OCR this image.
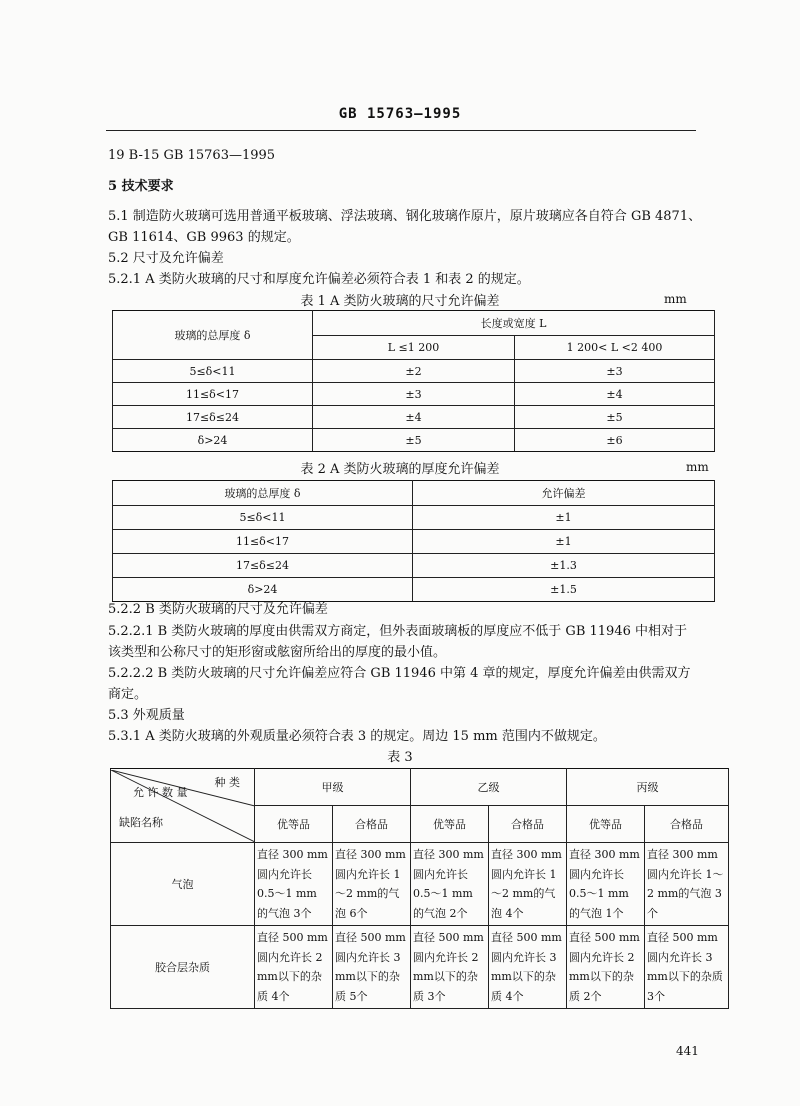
GB 15763—1995
19 B-15 GB 15763—1995
5 技术要求
5.1 制造防火玻璃可选用普通平板玻璃、浮法玻璃、钢化玻璃作原片，原片玻璃应各自符合 GB 4871、
GB 11614、GB 9963 的规定。
5.2 尺寸及允许偏差
5.2.1 A 类防火玻璃的尺寸和厚度允许偏差必须符合表 1 和表 2 的规定。
表 1 A 类防火玻璃的尺寸允许偏差	mm
玻璃的总厚度 δ	长度或宽度 L	
	L ≤1 200	1 200< L <2 400
5≤δ<11	±2	±3
11≤δ<17	±3	±4
17≤δ≤24	±4	±5
δ>24	±5	±6
表 2 A 类防火玻璃的厚度允许偏差	mm
玻璃的总厚度 δ	允许偏差
5≤δ<11	±1
11≤δ<17	±1
17≤δ≤24	±1.3
δ>24	±1.5
5.2.2 B 类防火玻璃的尺寸及允许偏差
5.2.2.1 B 类防火玻璃的厚度由供需双方商定，但外表面玻璃板的厚度应不低于 GB 11946 中相对于
该类型和公称尺寸的矩形窗或舷窗所给出的厚度的最小值。
5.2.2.2 B 类防火玻璃的尺寸允许偏差应符合 GB 11946 中第 4 章的规定，厚度允许偏差由供需双方
商定。
5.3 外观质量
5.3.1 A 类防火玻璃的外观质量必须符合表 3 的规定。周边 15 mm 范围内不做规定。
表 3
种 类
允 许 数 量
缺陷名称	甲级		乙级		丙级	
	优等品	合格品	优等品	合格品	优等品	合格品
气泡	直径 300 mm 圆内允许长 0.5～1 mm 的气泡 3个	直径 300 mm 圆内允许长 1～2 mm的气泡 6个	直径 300 mm 圆内允许长 0.5～1 mm 的气泡 2个	直径 300 mm 圆内允许长 1～2 mm的气泡 4个	直径 300 mm 圆内允许长 0.5～1 mm 的气泡 1个	直径 300 mm 圆内允许长 1～2 mm的气泡 3个
胶合层杂质	直径 500 mm 圆内允许长 2 mm以下的杂质 4个	直径 500 mm 圆内允许长 3 mm以下的杂质 5个	直径 500 mm 圆内允许长 2 mm以下的杂质 3个	直径 500 mm 圆内允许长 3 mm以下的杂质 4个	直径 500 mm 圆内允许长 2 mm以下的杂质 2个	直径 500 mm 圆内允许长 3 mm以下的杂质 3个
441
